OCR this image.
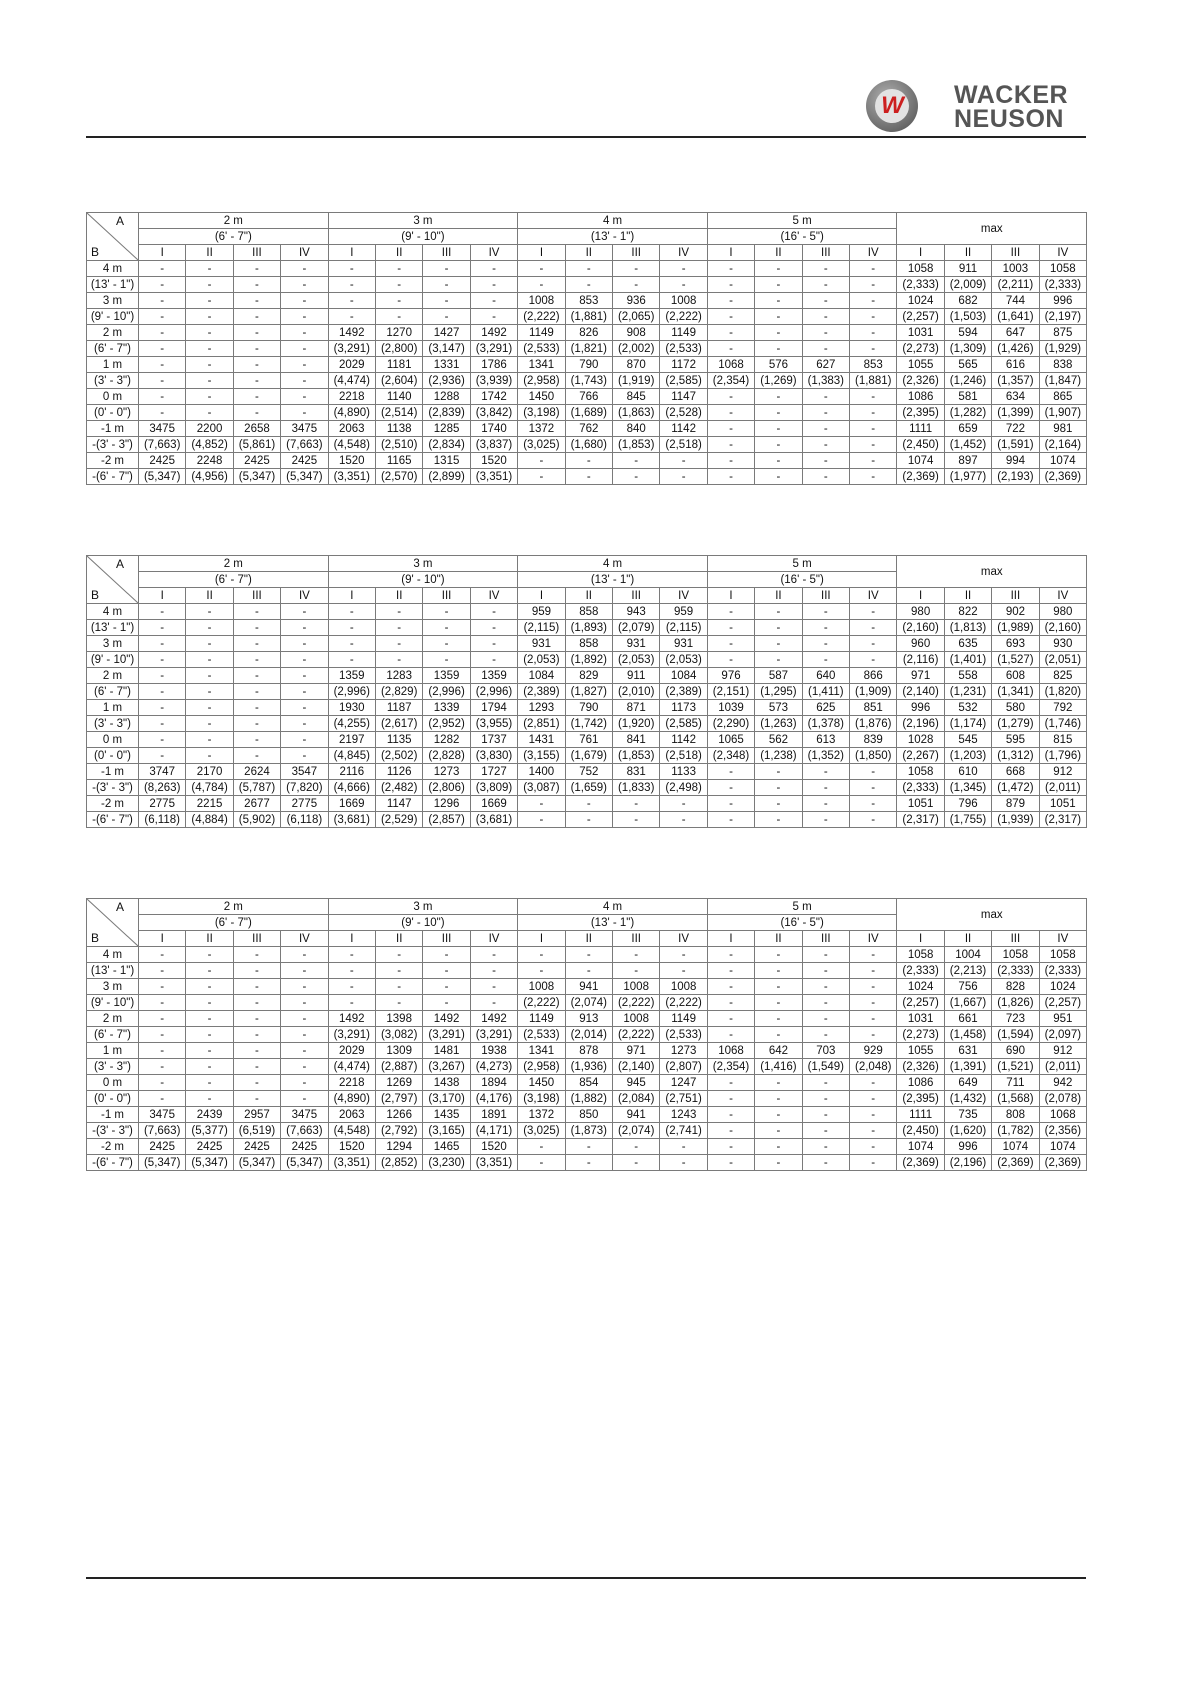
W WACKER
NEUSON
A
B	2 m				3 m				4 m				5 m				max			
	(6' - 7")				(9' - 10")				(13' - 1")				(16' - 5")							
	I	II	III	IV	I	II	III	IV	I	II	III	IV	I	II	III	IV	I	II	III	IV
4 m	-	-	-	-	-	-	-	-	-	-	-	-	-	-	-	-	1058	911	1003	1058
(13' - 1")	-	-	-	-	-	-	-	-	-	-	-	-	-	-	-	-	(2,333)	(2,009)	(2,211)	(2,333)
3 m	-	-	-	-	-	-	-	-	1008	853	936	1008	-	-	-	-	1024	682	744	996
(9' - 10")	-	-	-	-	-	-	-	-	(2,222)	(1,881)	(2,065)	(2,222)	-	-	-	-	(2,257)	(1,503)	(1,641)	(2,197)
2 m	-	-	-	-	1492	1270	1427	1492	1149	826	908	1149	-	-	-	-	1031	594	647	875
(6' - 7")	-	-	-	-	(3,291)	(2,800)	(3,147)	(3,291)	(2,533)	(1,821)	(2,002)	(2,533)	-	-	-	-	(2,273)	(1,309)	(1,426)	(1,929)
1 m	-	-	-	-	2029	1181	1331	1786	1341	790	870	1172	1068	576	627	853	1055	565	616	838
(3' - 3")	-	-	-	-	(4,474)	(2,604)	(2,936)	(3,939)	(2,958)	(1,743)	(1,919)	(2,585)	(2,354)	(1,269)	(1,383)	(1,881)	(2,326)	(1,246)	(1,357)	(1,847)
0 m	-	-	-	-	2218	1140	1288	1742	1450	766	845	1147	-	-	-	-	1086	581	634	865
(0' - 0")	-	-	-	-	(4,890)	(2,514)	(2,839)	(3,842)	(3,198)	(1,689)	(1,863)	(2,528)	-	-	-	-	(2,395)	(1,282)	(1,399)	(1,907)
-1 m	3475	2200	2658	3475	2063	1138	1285	1740	1372	762	840	1142	-	-	-	-	1111	659	722	981
-(3' - 3")	(7,663)	(4,852)	(5,861)	(7,663)	(4,548)	(2,510)	(2,834)	(3,837)	(3,025)	(1,680)	(1,853)	(2,518)	-	-	-	-	(2,450)	(1,452)	(1,591)	(2,164)
-2 m	2425	2248	2425	2425	1520	1165	1315	1520	-	-	-	-	-	-	-	-	1074	897	994	1074
-(6' - 7")	(5,347)	(4,956)	(5,347)	(5,347)	(3,351)	(2,570)	(2,899)	(3,351)	-	-	-	-	-	-	-	-	(2,369)	(1,977)	(2,193)	(2,369)
A
B	2 m				3 m				4 m				5 m				max			
	(6' - 7")				(9' - 10")				(13' - 1")				(16' - 5")							
	I	II	III	IV	I	II	III	IV	I	II	III	IV	I	II	III	IV	I	II	III	IV
4 m	-	-	-	-	-	-	-	-	959	858	943	959	-	-	-	-	980	822	902	980
(13' - 1")	-	-	-	-	-	-	-	-	(2,115)	(1,893)	(2,079)	(2,115)	-	-	-	-	(2,160)	(1,813)	(1,989)	(2,160)
3 m	-	-	-	-	-	-	-	-	931	858	931	931	-	-	-	-	960	635	693	930
(9' - 10")	-	-	-	-	-	-	-	-	(2,053)	(1,892)	(2,053)	(2,053)	-	-	-	-	(2,116)	(1,401)	(1,527)	(2,051)
2 m	-	-	-	-	1359	1283	1359	1359	1084	829	911	1084	976	587	640	866	971	558	608	825
(6' - 7")	-	-	-	-	(2,996)	(2,829)	(2,996)	(2,996)	(2,389)	(1,827)	(2,010)	(2,389)	(2,151)	(1,295)	(1,411)	(1,909)	(2,140)	(1,231)	(1,341)	(1,820)
1 m	-	-	-	-	1930	1187	1339	1794	1293	790	871	1173	1039	573	625	851	996	532	580	792
(3' - 3")	-	-	-	-	(4,255)	(2,617)	(2,952)	(3,955)	(2,851)	(1,742)	(1,920)	(2,585)	(2,290)	(1,263)	(1,378)	(1,876)	(2,196)	(1,174)	(1,279)	(1,746)
0 m	-	-	-	-	2197	1135	1282	1737	1431	761	841	1142	1065	562	613	839	1028	545	595	815
(0' - 0")	-	-	-	-	(4,845)	(2,502)	(2,828)	(3,830)	(3,155)	(1,679)	(1,853)	(2,518)	(2,348)	(1,238)	(1,352)	(1,850)	(2,267)	(1,203)	(1,312)	(1,796)
-1 m	3747	2170	2624	3547	2116	1126	1273	1727	1400	752	831	1133	-	-	-	-	1058	610	668	912
-(3' - 3")	(8,263)	(4,784)	(5,787)	(7,820)	(4,666)	(2,482)	(2,806)	(3,809)	(3,087)	(1,659)	(1,833)	(2,498)	-	-	-	-	(2,333)	(1,345)	(1,472)	(2,011)
-2 m	2775	2215	2677	2775	1669	1147	1296	1669	-	-	-	-	-	-	-	-	1051	796	879	1051
-(6' - 7")	(6,118)	(4,884)	(5,902)	(6,118)	(3,681)	(2,529)	(2,857)	(3,681)	-	-	-	-	-	-	-	-	(2,317)	(1,755)	(1,939)	(2,317)
A
B	2 m				3 m				4 m				5 m				max			
	(6' - 7")				(9' - 10")				(13' - 1")				(16' - 5")							
	I	II	III	IV	I	II	III	IV	I	II	III	IV	I	II	III	IV	I	II	III	IV
4 m	-	-	-	-	-	-	-	-	-	-	-	-	-	-	-	-	1058	1004	1058	1058
(13' - 1")	-	-	-	-	-	-	-	-	-	-	-	-	-	-	-	-	(2,333)	(2,213)	(2,333)	(2,333)
3 m	-	-	-	-	-	-	-	-	1008	941	1008	1008	-	-	-	-	1024	756	828	1024
(9' - 10")	-	-	-	-	-	-	-	-	(2,222)	(2,074)	(2,222)	(2,222)	-	-	-	-	(2,257)	(1,667)	(1,826)	(2,257)
2 m	-	-	-	-	1492	1398	1492	1492	1149	913	1008	1149	-	-	-	-	1031	661	723	951
(6' - 7")	-	-	-	-	(3,291)	(3,082)	(3,291)	(3,291)	(2,533)	(2,014)	(2,222)	(2,533)	-	-	-	-	(2,273)	(1,458)	(1,594)	(2,097)
1 m	-	-	-	-	2029	1309	1481	1938	1341	878	971	1273	1068	642	703	929	1055	631	690	912
(3' - 3")	-	-	-	-	(4,474)	(2,887)	(3,267)	(4,273)	(2,958)	(1,936)	(2,140)	(2,807)	(2,354)	(1,416)	(1,549)	(2,048)	(2,326)	(1,391)	(1,521)	(2,011)
0 m	-	-	-	-	2218	1269	1438	1894	1450	854	945	1247	-	-	-	-	1086	649	711	942
(0' - 0")	-	-	-	-	(4,890)	(2,797)	(3,170)	(4,176)	(3,198)	(1,882)	(2,084)	(2,751)	-	-	-	-	(2,395)	(1,432)	(1,568)	(2,078)
-1 m	3475	2439	2957	3475	2063	1266	1435	1891	1372	850	941	1243	-	-	-	-	1111	735	808	1068
-(3' - 3")	(7,663)	(5,377)	(6,519)	(7,663)	(4,548)	(2,792)	(3,165)	(4,171)	(3,025)	(1,873)	(2,074)	(2,741)	-	-	-	-	(2,450)	(1,620)	(1,782)	(2,356)
-2 m	2425	2425	2425	2425	1520	1294	1465	1520	-	-	-	-	-	-	-	-	1074	996	1074	1074
-(6' - 7")	(5,347)	(5,347)	(5,347)	(5,347)	(3,351)	(2,852)	(3,230)	(3,351)	-	-	-	-	-	-	-	-	(2,369)	(2,196)	(2,369)	(2,369)
